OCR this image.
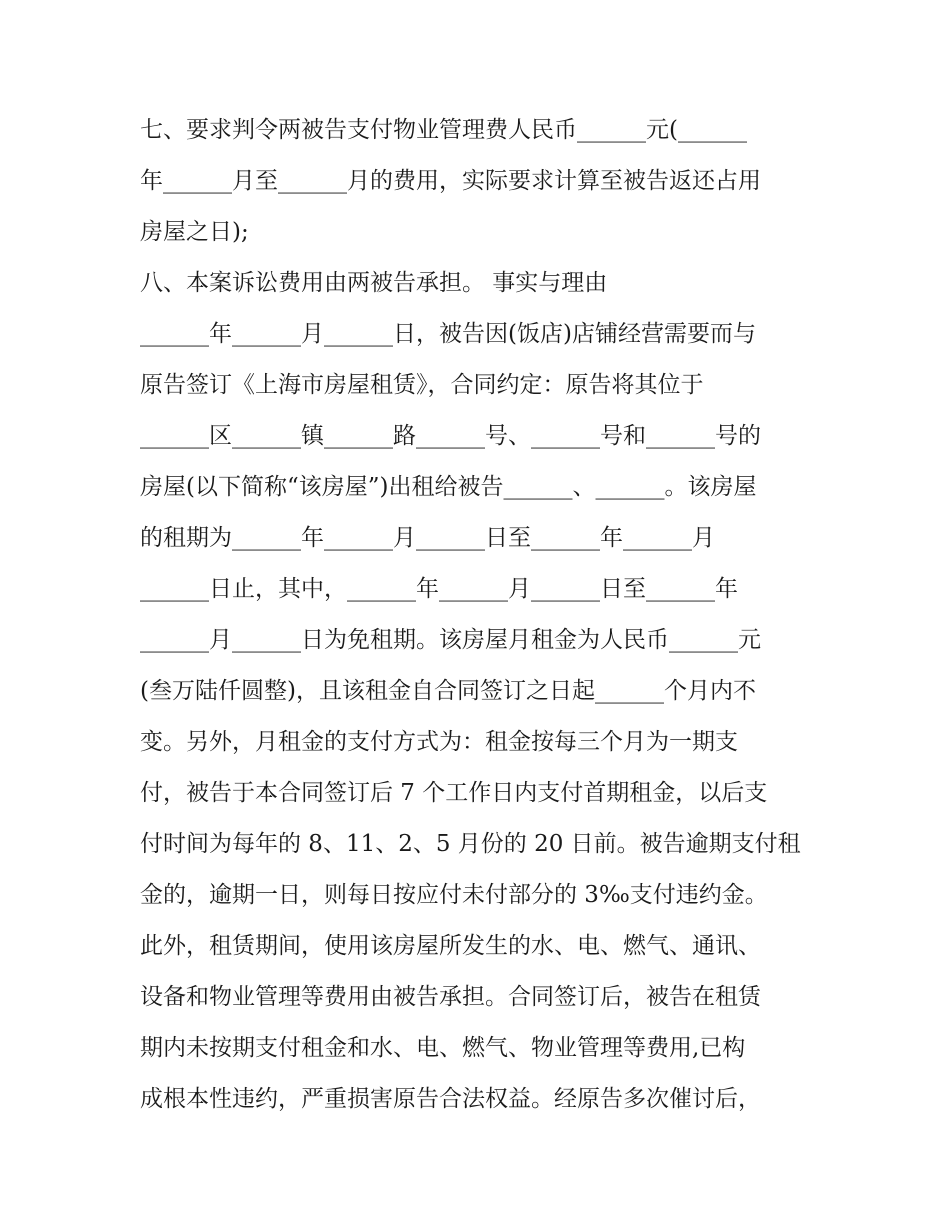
七、要求判令两被告支付物业管理费人民币______元(______
年______月至______月的费用，实际要求计算至被告返还占用
房屋之日);
八、本案诉讼费用由两被告承担。 事实与理由
______年______月______日，被告因(饭店)店铺经营需要而与
原告签订《上海市房屋租赁》，合同约定：原告将其位于
______区______镇______路______号、______号和______号的
房屋(以下简称“该房屋”)出租给被告______、______。该房屋
的租期为______年______月______日至______年______月
______日止，其中，______年______月______日至______年
______月______日为免租期。该房屋月租金为人民币______元
(叁万陆仟圆整)，且该租金自合同签订之日起______个月内不
变。另外，月租金的支付方式为：租金按每三个月为一期支
付，被告于本合同签订后 7 个工作日内支付首期租金，以后支
付时间为每年的 8、11、2、5 月份的 20 日前。被告逾期支付租
金的，逾期一日，则每日按应付未付部分的 3‰支付违约金。
此外，租赁期间，使用该房屋所发生的水、电、燃气、通讯、
设备和物业管理等费用由被告承担。合同签订后，被告在租赁
期内未按期支付租金和水、电、燃气、物业管理等费用,已构
成根本性违约，严重损害原告合法权益。经原告多次催讨后，
